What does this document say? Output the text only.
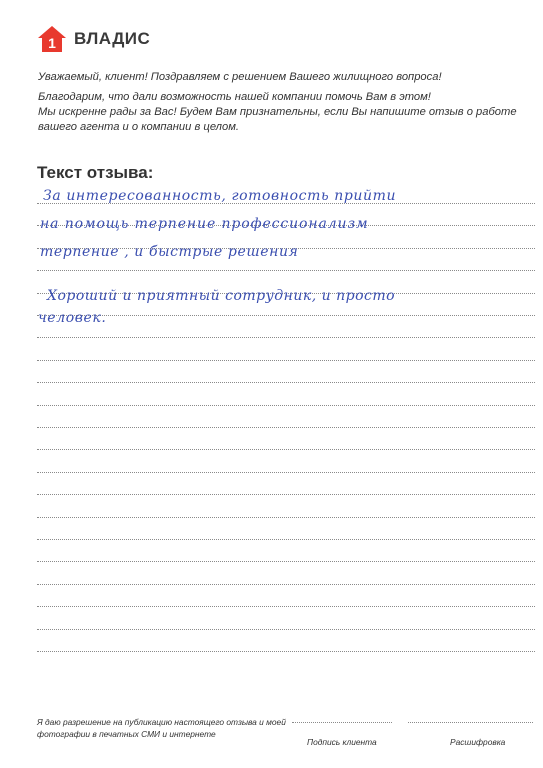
1 ВЛАДИС

Уважаемый, клиент! Поздравляем с решением Вашего жилищного вопроса!

Благодарим, что дали возможность нашей компании помочь Вам в этом!

Мы искренне рады за Вас! Будем Вам признательны, если Вы напишите отзыв о работе вашего агента и о компании в целом.

Текст отзыва:
За интересованность, готовность прийти
на помощь терпение профессионализм
терпение , и быстрые решения
Хороший и приятный сотрудник, и просто
человек.
Я даю разрешение на публикацию настоящего отзыва и моей фотографии в печатных СМИ и интернете
Подпись клиента	Расшифровка
